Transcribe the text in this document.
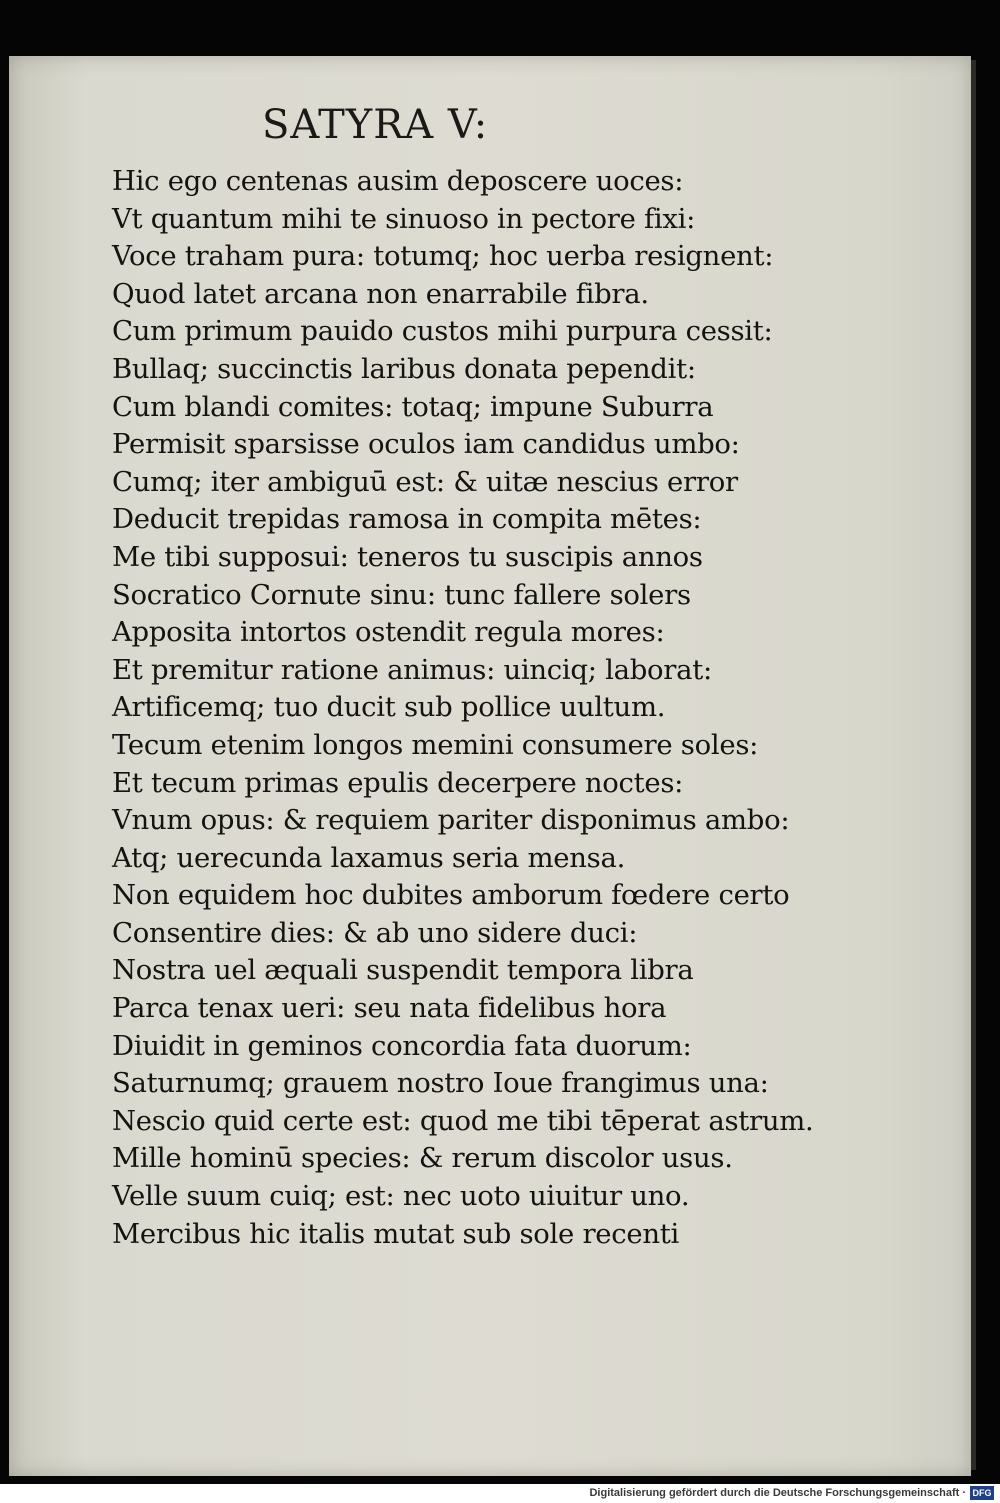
SATYRA V:
Hic ego centenas ausim deposcere uoces:
Vt quantum mihi te sinuoso in pectore fixi:
Voce traham pura: totumq; hoc uerba resignent:
Quod latet arcana non enarrabile fibra.
Cum primum pauido custos mihi purpura cessit:
Bullaq; succinctis laribus donata pependit:
Cum blandi comites: totaq; impune Suburra
Permisit sparsisse oculos iam candidus umbo:
Cumq; iter ambiguū est: & uitæ nescius error
Deducit trepidas ramosa in compita mētes:
Me tibi supposui: teneros tu suscipis annos
Socratico Cornute sinu: tunc fallere solers
Apposita intortos ostendit regula mores:
Et premitur ratione animus: uinciq; laborat:
Artificemq; tuo ducit sub pollice uultum.
Tecum etenim longos memini consumere soles:
Et tecum primas epulis decerpere noctes:
Vnum opus: & requiem pariter disponimus ambo:
Atq; uerecunda laxamus seria mensa.
Non equidem hoc dubites amborum fœdere certo
Consentire dies: & ab uno sidere duci:
Nostra uel æquali suspendit tempora libra
Parca tenax ueri: seu nata fidelibus hora
Diuidit in geminos concordia fata duorum:
Saturnumq; grauem nostro Ioue frangimus una:
Nescio quid certe est: quod me tibi tēperat astrum.
Mille hominū species: & rerum discolor usus.
Velle suum cuiq; est: nec uoto uiuitur uno.
Mercibus hic italis mutat sub sole recenti
Digitalisierung gefördert durch die Deutsche Forschungsgemeinschaft · DFG
